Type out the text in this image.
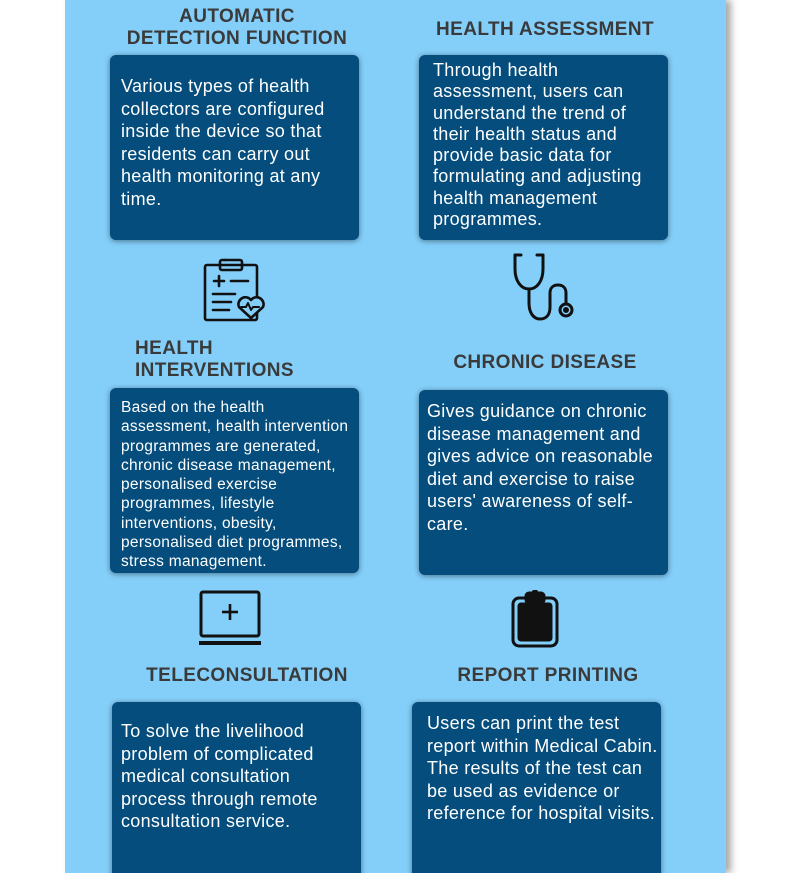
AUTOMATIC
DETECTION FUNCTION
Various types of health collectors are configured inside the device so that residents can carry out health monitoring at any time.
HEALTH ASSESSMENT
Through health assessment, users can understand the trend of their health status and provide basic data for formulating and adjusting health management programmes.
HEALTH
INTERVENTIONS
Based on the health assessment, health intervention programmes are generated, chronic disease management, personalised exercise programmes, lifestyle interventions, obesity, personalised diet programmes, stress management.
CHRONIC DISEASE
Gives guidance on chronic disease management and gives advice on reasonable diet and exercise to raise users' awareness of self-care.
TELECONSULTATION
To solve the livelihood problem of complicated medical consultation process through remote consultation service.
REPORT PRINTING
Users can print the test report within Medical Cabin. The results of the test can be used as evidence or reference for hospital visits.
